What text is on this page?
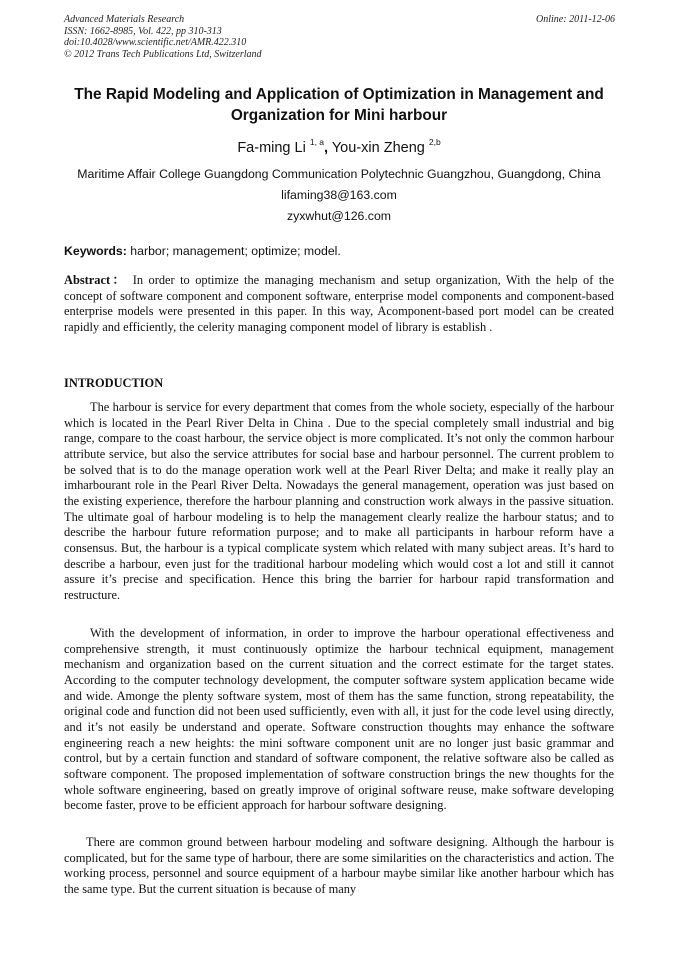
Advanced Materials Research
ISSN: 1662-8985, Vol. 422, pp 310-313
doi:10.4028/www.scientific.net/AMR.422.310
© 2012 Trans Tech Publications Ltd, Switzerland
Online: 2011-12-06
The Rapid Modeling and Application of Optimization in Management and Organization for Mini harbour
Fa-ming Li $^{1, a}$, You-xin Zheng $^{2,b}$
Maritime Affair College Guangdong Communication Polytechnic Guangzhou, Guangdong, China
lifaming38@163.com
zyxwhut@126.com
Keywords: harbor; management; optimize; model.
Abstract： In order to optimize the managing mechanism and setup organization, With the help of the concept of software component and component software, enterprise model components and component-based enterprise models were presented in this paper. In this way, Acomponent-based port model can be created rapidly and efficiently, the celerity managing component model of library is establish .
INTRODUCTION
The harbour is service for every department that comes from the whole society, especially of the harbour which is located in the Pearl River Delta in China . Due to the special completely small industrial and big range, compare to the coast harbour, the service object is more complicated. It’s not only the common harbour attribute service, but also the service attributes for social base and harbour personnel. The current problem to be solved that is to do the manage operation work well at the Pearl River Delta; and make it really play an imharbourant role in the Pearl River Delta. Nowadays the general management, operation was just based on the existing experience, therefore the harbour planning and construction work always in the passive situation. The ultimate goal of harbour modeling is to help the management clearly realize the harbour status; and to describe the harbour future reformation purpose; and to make all participants in harbour reform have a consensus. But, the harbour is a typical complicate system which related with many subject areas. It’s hard to describe a harbour, even just for the traditional harbour modeling which would cost a lot and still it cannot assure it’s precise and specification. Hence this bring the barrier for harbour rapid transformation and restructure.
With the development of information, in order to improve the harbour operational effectiveness and comprehensive strength, it must continuously optimize the harbour technical equipment, management mechanism and organization based on the current situation and the correct estimate for the target states. According to the computer technology development, the computer software system application became wide and wide. Amonge the plenty software system, most of them has the same function, strong repeatability, the original code and function did not been used sufficiently, even with all, it just for the code level using directly, and it’s not easily be understand and operate. Software construction thoughts may enhance the software engineering reach a new heights: the mini software component unit are no longer just basic grammar and control, but by a certain function and standard of software component, the relative software also be called as software component. The proposed implementation of software construction brings the new thoughts for the whole software engineering, based on greatly improve of original software reuse, make software developing become faster, prove to be efficient approach for harbour software designing.
There are common ground between harbour modeling and software designing. Although the harbour is complicated, but for the same type of harbour, there are some similarities on the characteristics and action. The working process, personnel and source equipment of a harbour maybe similar like another harbour which has the same type. But the current situation is because of many
